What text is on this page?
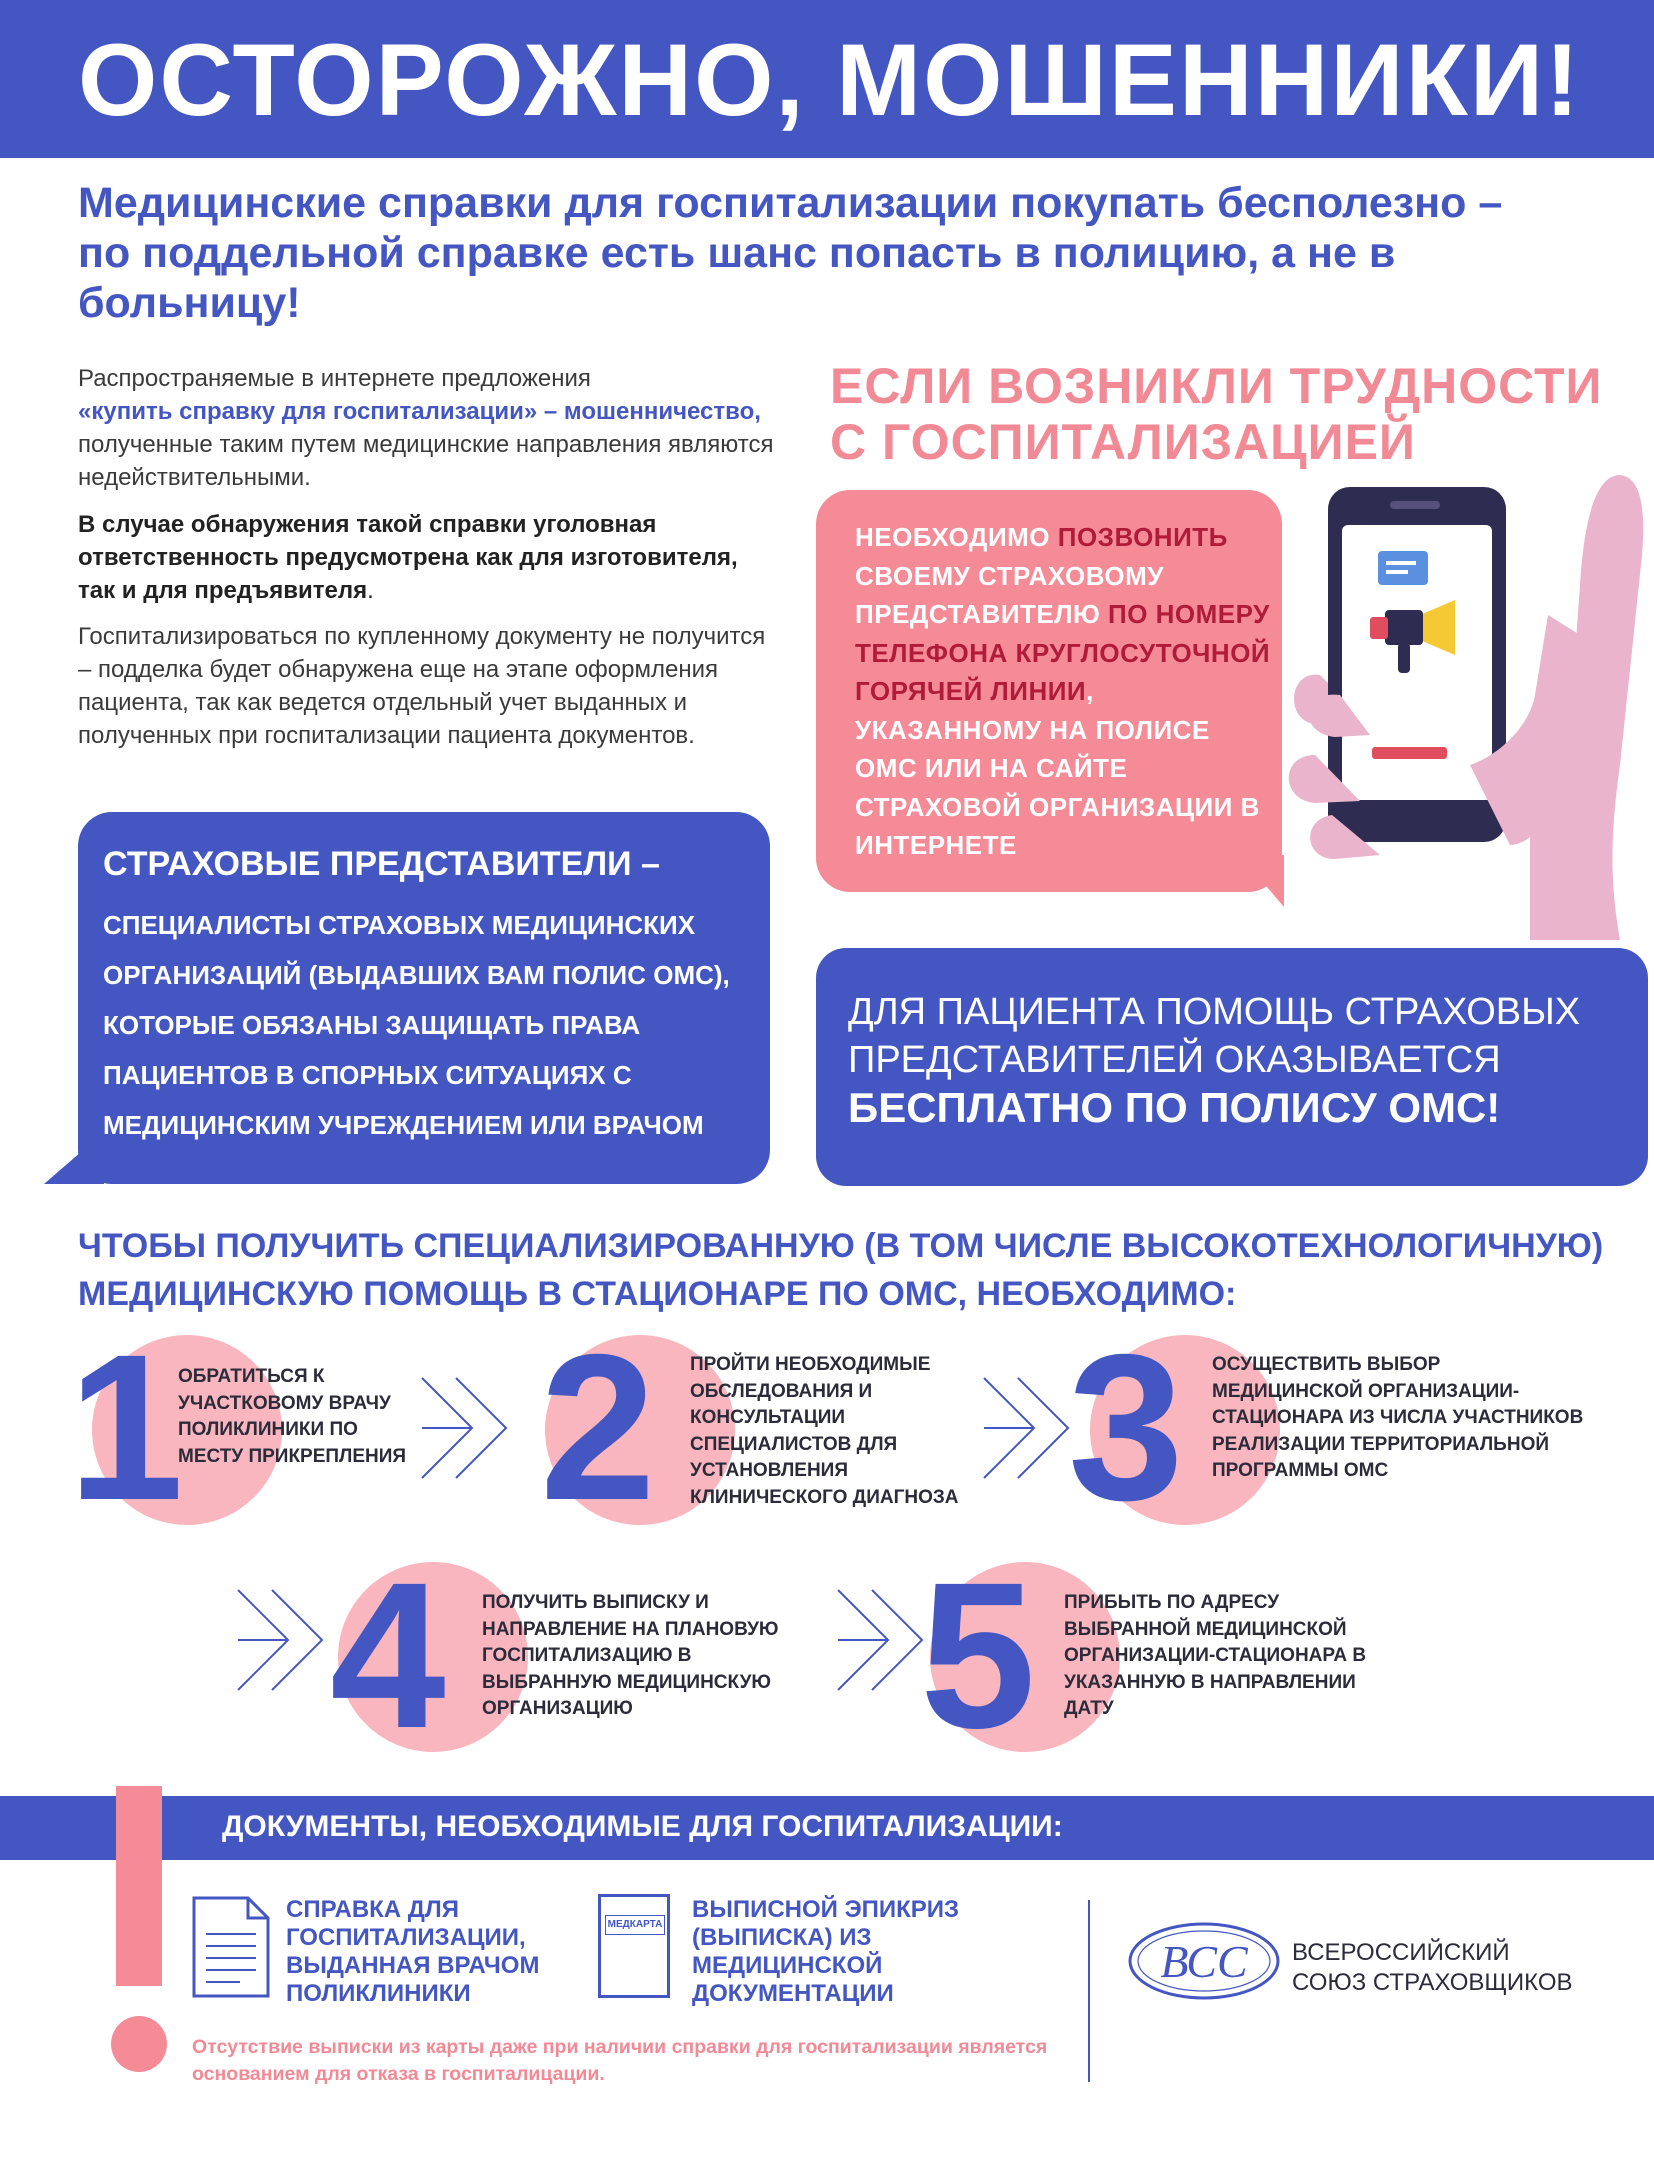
ОСТОРОЖНО, МОШЕННИКИ!
Медицинские справки для госпитализации покупать бесполезно – по поддельной справке есть шанс попасть в полицию, а не в больницу!
Распространяемые в интернете предложения
«купить справку для госпитализации» – мошенничество,
полученные таким путем медицинские направления являются недействительными.
В случае обнаружения такой справки уголовная ответственность предусмотрена как для изготовителя, так и для предъявителя.
Госпитализироваться по купленному документу не получится – подделка будет обнаружена еще на этапе оформления пациента, так как ведется отдельный учет выданных и полученных при госпитализации пациента документов.
ЕСЛИ ВОЗНИКЛИ ТРУДНОСТИ С ГОСПИТАЛИЗАЦИЕЙ
НЕОБХОДИМО ПОЗВОНИТЬ СВОЕМУ СТРАХОВОМУ ПРЕДСТАВИТЕЛЮ ПО НОМЕРУ ТЕЛЕФОНА КРУГЛОСУТОЧНОЙ ГОРЯЧЕЙ ЛИНИИ, УКАЗАННОМУ НА ПОЛИСЕ ОМС ИЛИ НА САЙТЕ СТРАХОВОЙ ОРГАНИЗАЦИИ В ИНТЕРНЕТЕ
СТРАХОВЫЕ ПРЕДСТАВИТЕЛИ –
СПЕЦИАЛИСТЫ СТРАХОВЫХ МЕДИЦИНСКИХ ОРГАНИЗАЦИЙ (ВЫДАВШИХ ВАМ ПОЛИС ОМС), КОТОРЫЕ ОБЯЗАНЫ ЗАЩИЩАТЬ ПРАВА ПАЦИЕНТОВ В СПОРНЫХ СИТУАЦИЯХ С МЕДИЦИНСКИМ УЧРЕЖДЕНИЕМ ИЛИ ВРАЧОМ
ДЛЯ ПАЦИЕНТА ПОМОЩЬ СТРАХОВЫХ ПРЕДСТАВИТЕЛЕЙ ОКАЗЫВАЕТСЯ
БЕСПЛАТНО ПО ПОЛИСУ ОМС!
ЧТОБЫ ПОЛУЧИТЬ СПЕЦИАЛИЗИРОВАННУЮ (В ТОМ ЧИСЛЕ ВЫСОКОТЕХНОЛОГИЧНУЮ) МЕДИЦИНСКУЮ ПОМОЩЬ В СТАЦИОНАРЕ ПО ОМС, НЕОБХОДИМО:
1
ОБРАТИТЬСЯ К УЧАСТКОВОМУ ВРАЧУ ПОЛИКЛИНИКИ ПО МЕСТУ ПРИКРЕПЛЕНИЯ 2 ПРОЙТИ НЕОБХОДИМЫЕ ОБСЛЕДОВАНИЯ И КОНСУЛЬТАЦИИ СПЕЦИАЛИСТОВ ДЛЯ УСТАНОВЛЕНИЯ КЛИНИЧЕСКОГО ДИАГНОЗА 3 ОСУЩЕСТВИТЬ ВЫБОР МЕДИЦИНСКОЙ ОРГАНИЗАЦИИ-СТАЦИОНАРА ИЗ ЧИСЛА УЧАСТНИКОВ РЕАЛИЗАЦИИ ТЕРРИТОРИАЛЬНОЙ ПРОГРАММЫ ОМС
4 ПОЛУЧИТЬ ВЫПИСКУ И НАПРАВЛЕНИЕ НА ПЛАНОВУЮ ГОСПИТАЛИЗАЦИЮ В ВЫБРАННУЮ МЕДИЦИНСКУЮ ОРГАНИЗАЦИЮ	5 ПРИБЫТЬ ПО АДРЕСУ ВЫБРАННОЙ МЕДИЦИНСКОЙ ОРГАНИЗАЦИИ-СТАЦИОНАРА В УКАЗАННУЮ В НАПРАВЛЕНИИ ДАТУ
ДОКУМЕНТЫ, НЕОБХОДИМЫЕ ДЛЯ ГОСПИТАЛИЗАЦИИ:
СПРАВКА ДЛЯ ГОСПИТАЛИЗАЦИИ, ВЫДАННАЯ ВРАЧОМ ПОЛИКЛИНИКИ
МЕДКАРТА
ВЫПИСНОЙ ЭПИКРИЗ (ВЫПИСКА) ИЗ МЕДИЦИНСКОЙ ДОКУМЕНТАЦИИ
Отсутствие выписки из карты даже при наличии справки для госпитализации является основанием для отказа в госпиталицации.
ВСС ВСЕРОССИЙСКИЙ
СОЮЗ СТРАХОВЩИКОВ
